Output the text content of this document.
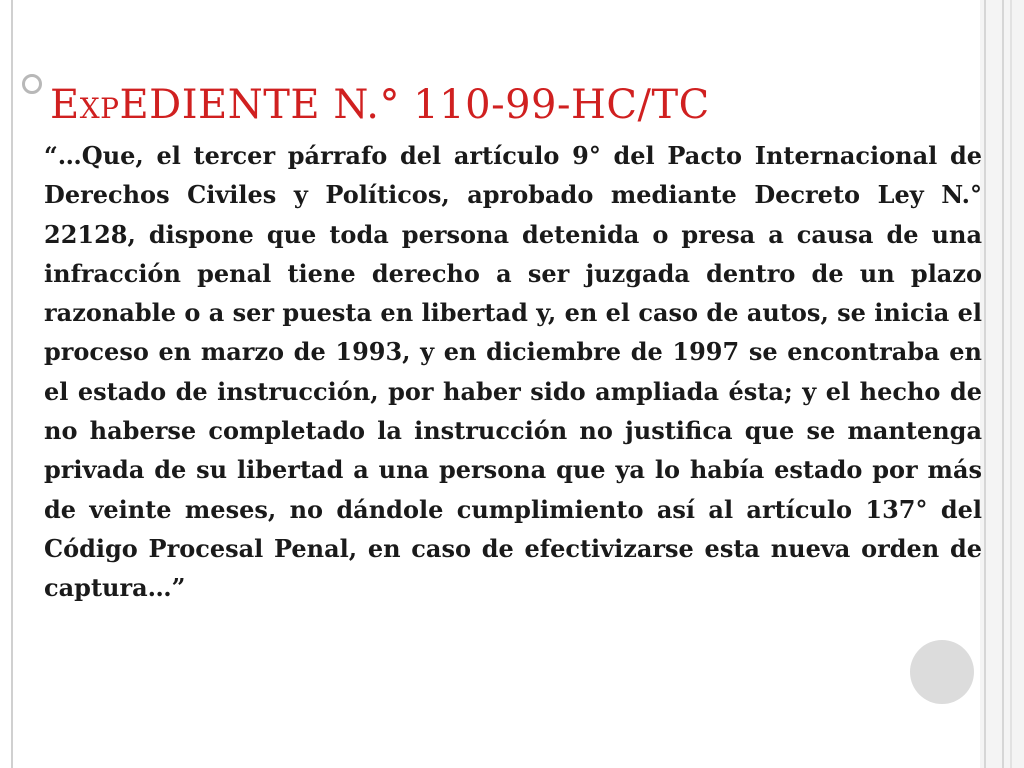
EXPEDIENTE N.° 110-99-HC/TC

“…Que, el tercer párrafo del artículo 9° del Pacto Internacional de Derechos Civiles y Políticos, aprobado mediante Decreto Ley N.° 22128, dispone que toda persona detenida o presa a causa de una infracción penal tiene derecho a ser juzgada dentro de un plazo razonable o a ser puesta en libertad y, en el caso de autos, se inicia el proceso en marzo de 1993, y en diciembre de 1997 se encontraba en el estado de instrucción, por haber sido ampliada ésta; y el hecho de no haberse completado la instrucción no justifica que se mantenga privada de su libertad a una persona que ya lo había estado por más de veinte meses, no dándole cumplimiento así al artículo 137° del Código Procesal Penal, en caso de efectivizarse esta nueva orden de captura…”
